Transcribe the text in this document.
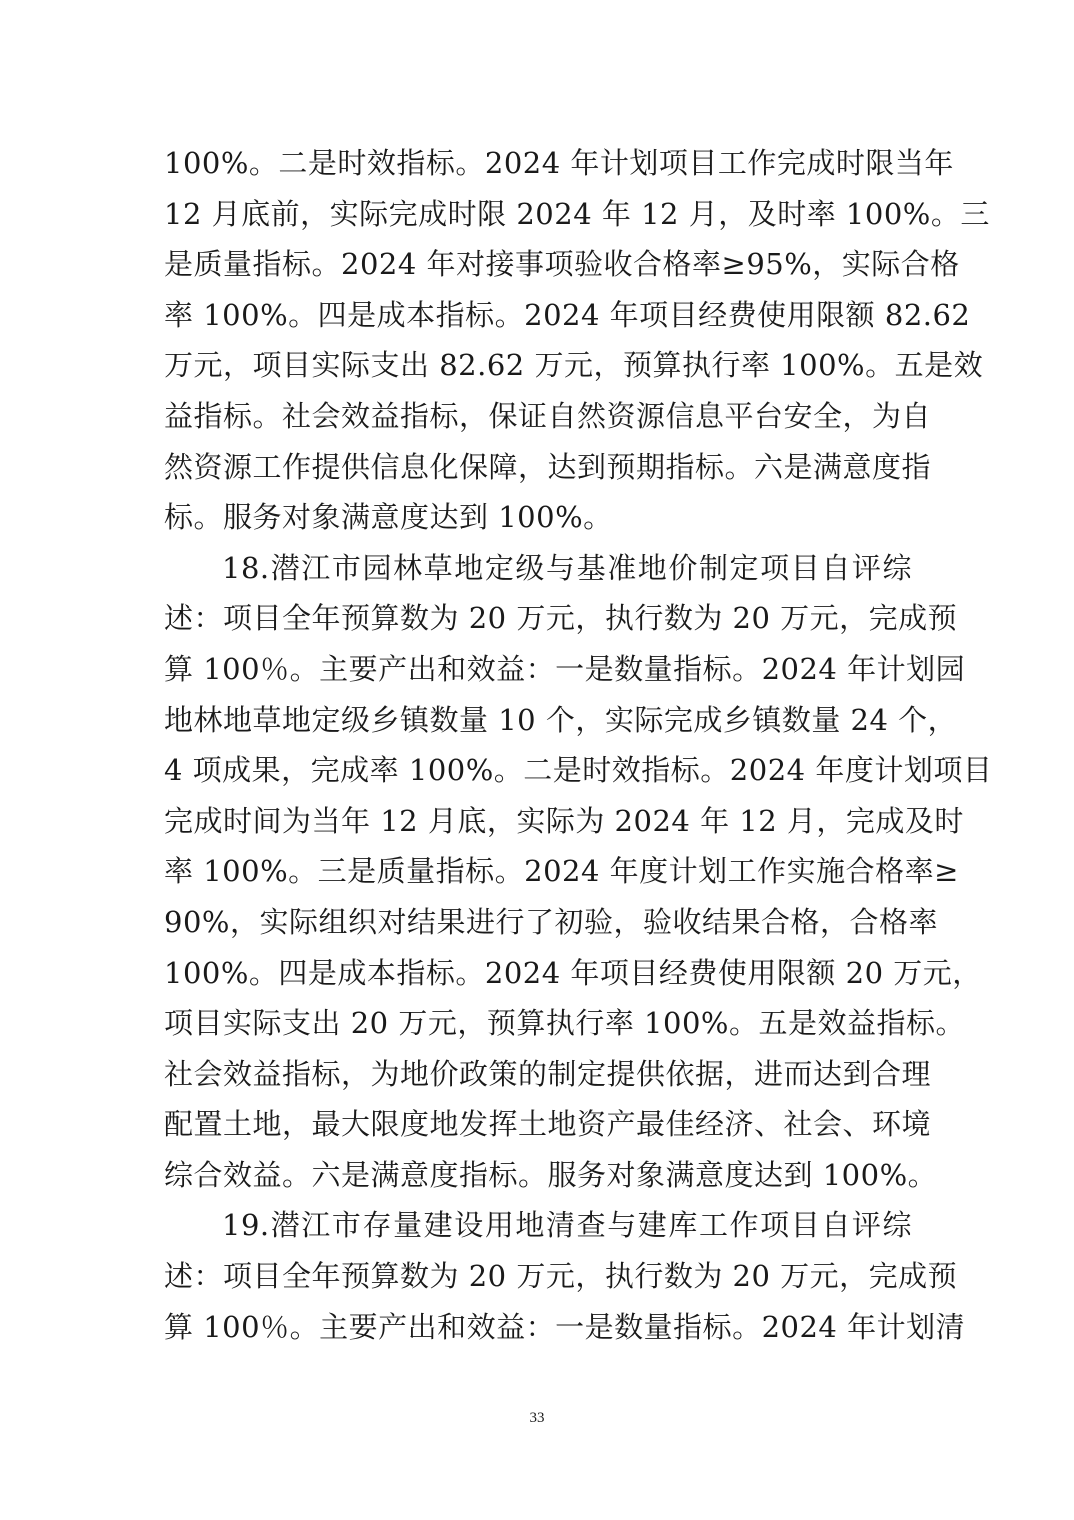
100%。二是时效指标。2024 年计划项目工作完成时限当年
12 月底前，实际完成时限 2024 年 12 月，及时率 100%。三
是质量指标。2024 年对接事项验收合格率≥95%，实际合格
率 100%。四是成本指标。2024 年项目经费使用限额 82.62
万元，项目实际支出 82.62 万元，预算执行率 100%。五是效
益指标。社会效益指标，保证自然资源信息平台安全，为自
然资源工作提供信息化保障，达到预期指标。六是满意度指
标。服务对象满意度达到 100%。
18.潜江市园林草地定级与基准地价制定项目自评综
述：项目全年预算数为 20 万元，执行数为 20 万元，完成预
算 100％。主要产出和效益：一是数量指标。2024 年计划园
地林地草地定级乡镇数量 10 个，实际完成乡镇数量 24 个，
4 项成果，完成率 100%。二是时效指标。2024 年度计划项目
完成时间为当年 12 月底，实际为 2024 年 12 月，完成及时
率 100%。三是质量指标。2024 年度计划工作实施合格率≥
90%，实际组织对结果进行了初验，验收结果合格，合格率
100%。四是成本指标。2024 年项目经费使用限额 20 万元，
项目实际支出 20 万元，预算执行率 100%。五是效益指标。
社会效益指标，为地价政策的制定提供依据，进而达到合理
配置土地，最大限度地发挥土地资产最佳经济、社会、环境
综合效益。六是满意度指标。服务对象满意度达到 100%。
19.潜江市存量建设用地清查与建库工作项目自评综
述：项目全年预算数为 20 万元，执行数为 20 万元，完成预
算 100％。主要产出和效益：一是数量指标。2024 年计划清
33
